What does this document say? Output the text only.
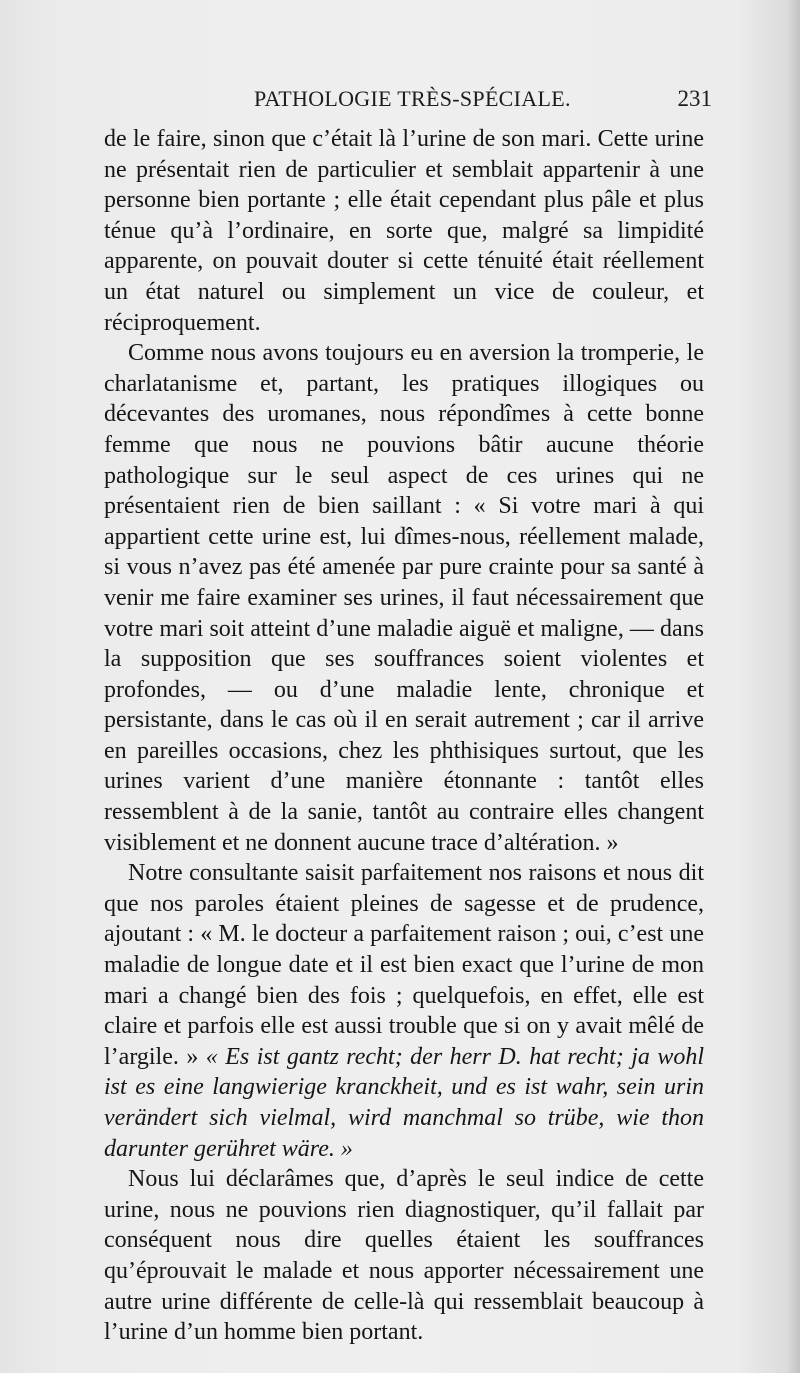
PATHOLOGIE TRÈS-SPÉCIALE.	231

de le faire, sinon que c’était là l’urine de son mari. Cette urine ne présentait rien de particulier et semblait appartenir à une personne bien portante ; elle était cependant plus pâle et plus ténue qu’à l’ordinaire, en sorte que, malgré sa limpidité apparente, on pouvait douter si cette ténuité était réellement un état naturel ou simplement un vice de couleur, et réciproquement.

Comme nous avons toujours eu en aversion la tromperie, le charlatanisme et, partant, les pratiques illogiques ou décevantes des uromanes, nous répondîmes à cette bonne femme que nous ne pouvions bâtir aucune théorie pathologique sur le seul aspect de ces urines qui ne présentaient rien de bien saillant : « Si votre mari à qui appartient cette urine est, lui dîmes-nous, réellement malade, si vous n’avez pas été amenée par pure crainte pour sa santé à venir me faire examiner ses urines, il faut nécessairement que votre mari soit atteint d’une maladie aiguë et maligne, — dans la supposition que ses souffrances soient violentes et profondes, — ou d’une maladie lente, chronique et persistante, dans le cas où il en serait autrement ; car il arrive en pareilles occasions, chez les phthisiques surtout, que les urines varient d’une manière étonnante : tantôt elles ressemblent à de la sanie, tantôt au contraire elles changent visiblement et ne donnent aucune trace d’altération. »

Notre consultante saisit parfaitement nos raisons et nous dit que nos paroles étaient pleines de sagesse et de prudence, ajoutant : « M. le docteur a parfaitement raison ; oui, c’est une maladie de longue date et il est bien exact que l’urine de mon mari a changé bien des fois ; quelquefois, en effet, elle est claire et parfois elle est aussi trouble que si on y avait mêlé de l’argile. » « Es ist gantz recht; der herr D. hat recht; ja wohl ist es eine langwierige kranckheit, und es ist wahr, sein urin verändert sich vielmal, wird manchmal so trübe, wie thon darunter gerühret wäre. »

Nous lui déclarâmes que, d’après le seul indice de cette urine, nous ne pouvions rien diagnostiquer, qu’il fallait par conséquent nous dire quelles étaient les souffrances qu’éprouvait le malade et nous apporter nécessairement une autre urine différente de celle-là qui ressemblait beaucoup à l’urine d’un homme bien portant.
